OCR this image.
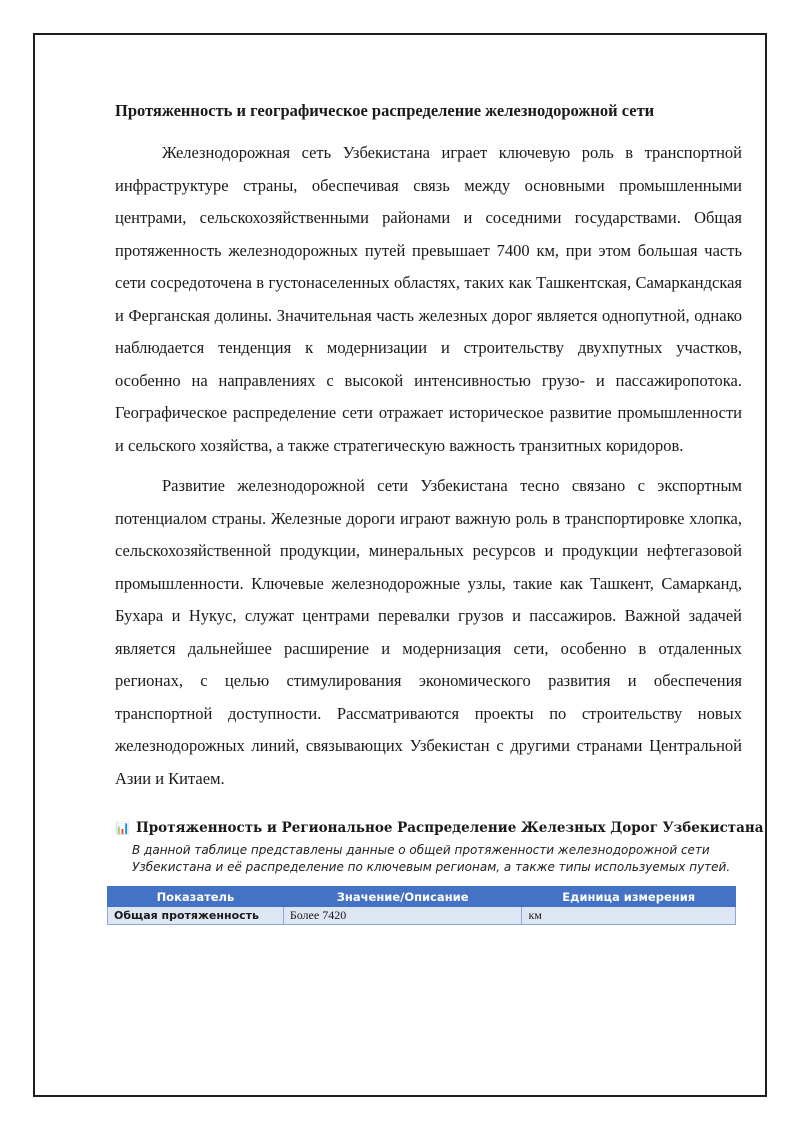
Протяженность и географическое распределение железнодорожной сети

Железнодорожная сеть Узбекистана играет ключевую роль в транспортной инфраструктуре страны, обеспечивая связь между основными промышленными центрами, сельскохозяйственными районами и соседними государствами. Общая протяженность железнодорожных путей превышает 7400 км, при этом большая часть сети сосредоточена в густонаселенных областях, таких как Ташкентская, Самаркандская и Ферганская долины. Значительная часть железных дорог является однопутной, однако наблюдается тенденция к модернизации и строительству двухпутных участков, особенно на направлениях с высокой интенсивностью грузо- и пассажиропотока. Географическое распределение сети отражает историческое развитие промышленности и сельского хозяйства, а также стратегическую важность транзитных коридоров.

Развитие железнодорожной сети Узбекистана тесно связано с экспортным потенциалом страны. Железные дороги играют важную роль в транспортировке хлопка, сельскохозяйственной продукции, минеральных ресурсов и продукции нефтегазовой промышленности. Ключевые железнодорожные узлы, такие как Ташкент, Самарканд, Бухара и Нукус, служат центрами перевалки грузов и пассажиров. Важной задачей является дальнейшее расширение и модернизация сети, особенно в отдаленных регионах, с целью стимулирования экономического развития и обеспечения транспортной доступности. Рассматриваются проекты по строительству новых железнодорожных линий, связывающих Узбекистан с другими странами Центральной Азии и Китаем.

📊 Протяженность и Региональное Распределение Железных Дорог Узбекистана
В данной таблице представлены данные о общей протяженности железнодорожной сети Узбекистана и её распределение по ключевым регионам, а также типы используемых путей.
Показатель	Значение/Описание	Единица измерения
Общая протяженность	Более 7420	км
